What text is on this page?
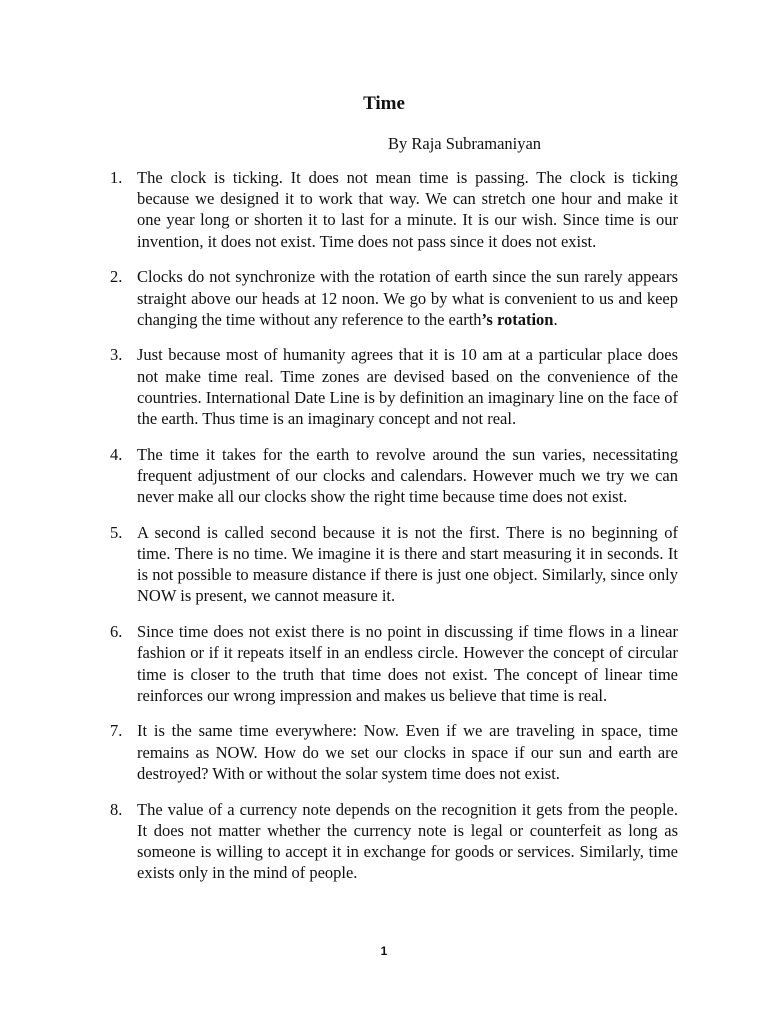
Time

By Raja Subramaniyan

1. The clock is ticking. It does not mean time is passing. The clock is ticking because we designed it to work that way. We can stretch one hour and make it one year long or shorten it to last for a minute. It is our wish. Since time is our invention, it does not exist. Time does not pass since it does not exist.
2. Clocks do not synchronize with the rotation of earth since the sun rarely appears straight above our heads at 12 noon. We go by what is convenient to us and keep changing the time without any reference to the earth’s rotation.
3. Just because most of humanity agrees that it is 10 am at a particular place does not make time real. Time zones are devised based on the convenience of the countries. International Date Line is by definition an imaginary line on the face of the earth. Thus time is an imaginary concept and not real.
4. The time it takes for the earth to revolve around the sun varies, necessitating frequent adjustment of our clocks and calendars. However much we try we can never make all our clocks show the right time because time does not exist.
5. A second is called second because it is not the first. There is no beginning of time. There is no time. We imagine it is there and start measuring it in seconds. It is not possible to measure distance if there is just one object. Similarly, since only NOW is present, we cannot measure it.
6. Since time does not exist there is no point in discussing if time flows in a linear fashion or if it repeats itself in an endless circle. However the concept of circular time is closer to the truth that time does not exist. The concept of linear time reinforces our wrong impression and makes us believe that time is real.
7. It is the same time everywhere: Now. Even if we are traveling in space, time remains as NOW. How do we set our clocks in space if our sun and earth are destroyed? With or without the solar system time does not exist.
8. The value of a currency note depends on the recognition it gets from the people. It does not matter whether the currency note is legal or counterfeit as long as someone is willing to accept it in exchange for goods or services. Similarly, time exists only in the mind of people.
1
